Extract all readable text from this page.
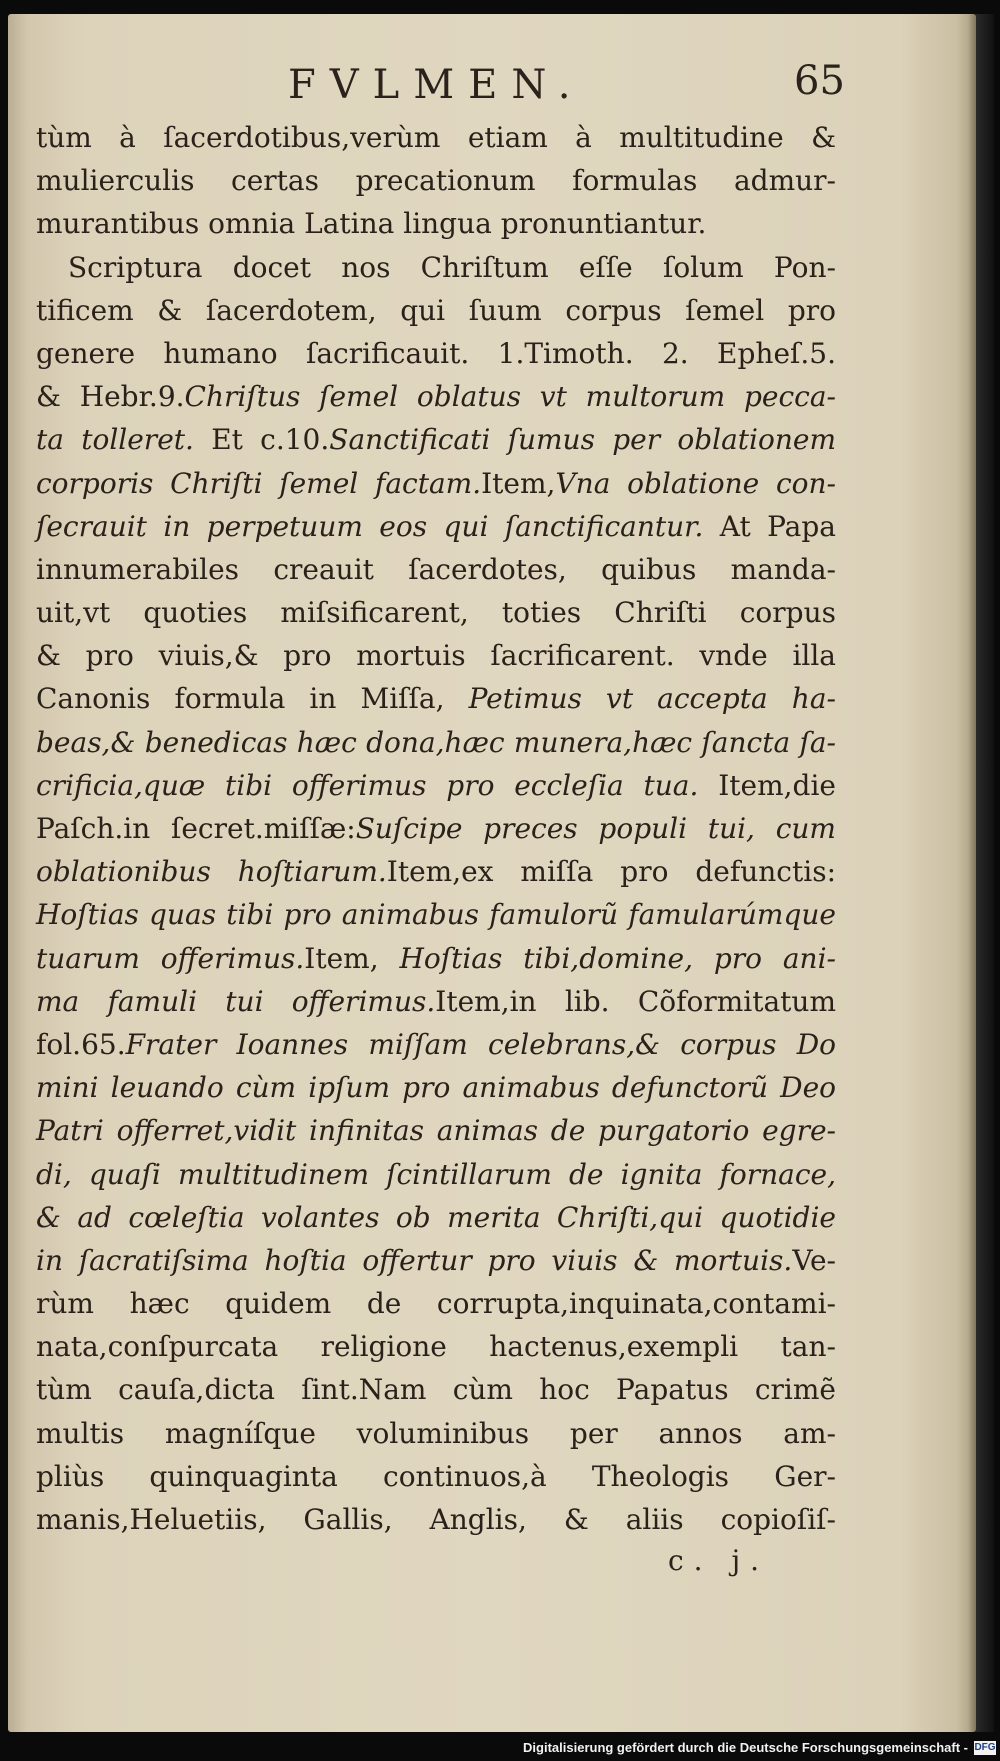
FVLMEN.	65
tùm à ſacerdotibus,verùm etiam à multitudine &
mulierculis certas precationum formulas admur-
murantibus omnia Latina lingua pronuntiantur.
Scriptura docet nos Chriſtum eſſe ſolum Pon-
tificem & ſacerdotem, qui ſuum corpus ſemel pro
genere humano ſacrificauit. 1.Timoth. 2. Epheſ.5.
& Hebr.9.Chriſtus ſemel oblatus vt multorum pecca-
ta tolleret. Et c.10.Sanctificati ſumus per oblationem
corporis Chriſti ſemel factam.Item,Vna oblatione con-
ſecrauit in perpetuum eos qui ſanctificantur. At Papa
innumerabiles creauit ſacerdotes, quibus manda-
uit,vt quoties miſsificarent, toties Chriſti corpus
& pro viuis,& pro mortuis ſacrificarent. vnde illa
Canonis formula in Miſſa, Petimus vt accepta ha-
beas,& benedicas hæc dona,hæc munera,hæc ſancta ſa-
crificia,quæ tibi offerimus pro eccleſia tua. Item,die
Paſch.in ſecret.miſſæ:Suſcipe preces populi tui, cum
oblationibus hoſtiarum.Item,ex miſſa pro defunctis:
Hoſtias quas tibi pro animabus famulorũ famularúmque
tuarum offerimus.Item, Hoſtias tibi,domine, pro ani-
ma famuli tui offerimus.Item,in lib. Cõformitatum
fol.65.Frater Ioannes miſſam celebrans,& corpus Do
mini leuando cùm ipſum pro animabus defunctorũ Deo
Patri offerret,vidit infinitas animas de purgatorio egre-
di, quaſi multitudinem ſcintillarum de ignita fornace,
& ad cœleſtia volantes ob merita Chriſti,qui quotidie
in ſacratiſsima hoſtia offertur pro viuis & mortuis.Ve-
rùm hæc quidem de corrupta,inquinata,contami-
nata,conſpurcata religione hactenus,exempli tan-
tùm cauſa,dicta ſint.Nam cùm hoc Papatus crimẽ
multis magníſque voluminibus per annos am-
pliùs quinquaginta continuos,à Theologis Ger-
manis,Heluetiis, Gallis, Anglis, & aliis copioſiſ-
c. j.
Digitalisierung gefördert durch die Deutsche Forschungsgemeinschaft - DFG
